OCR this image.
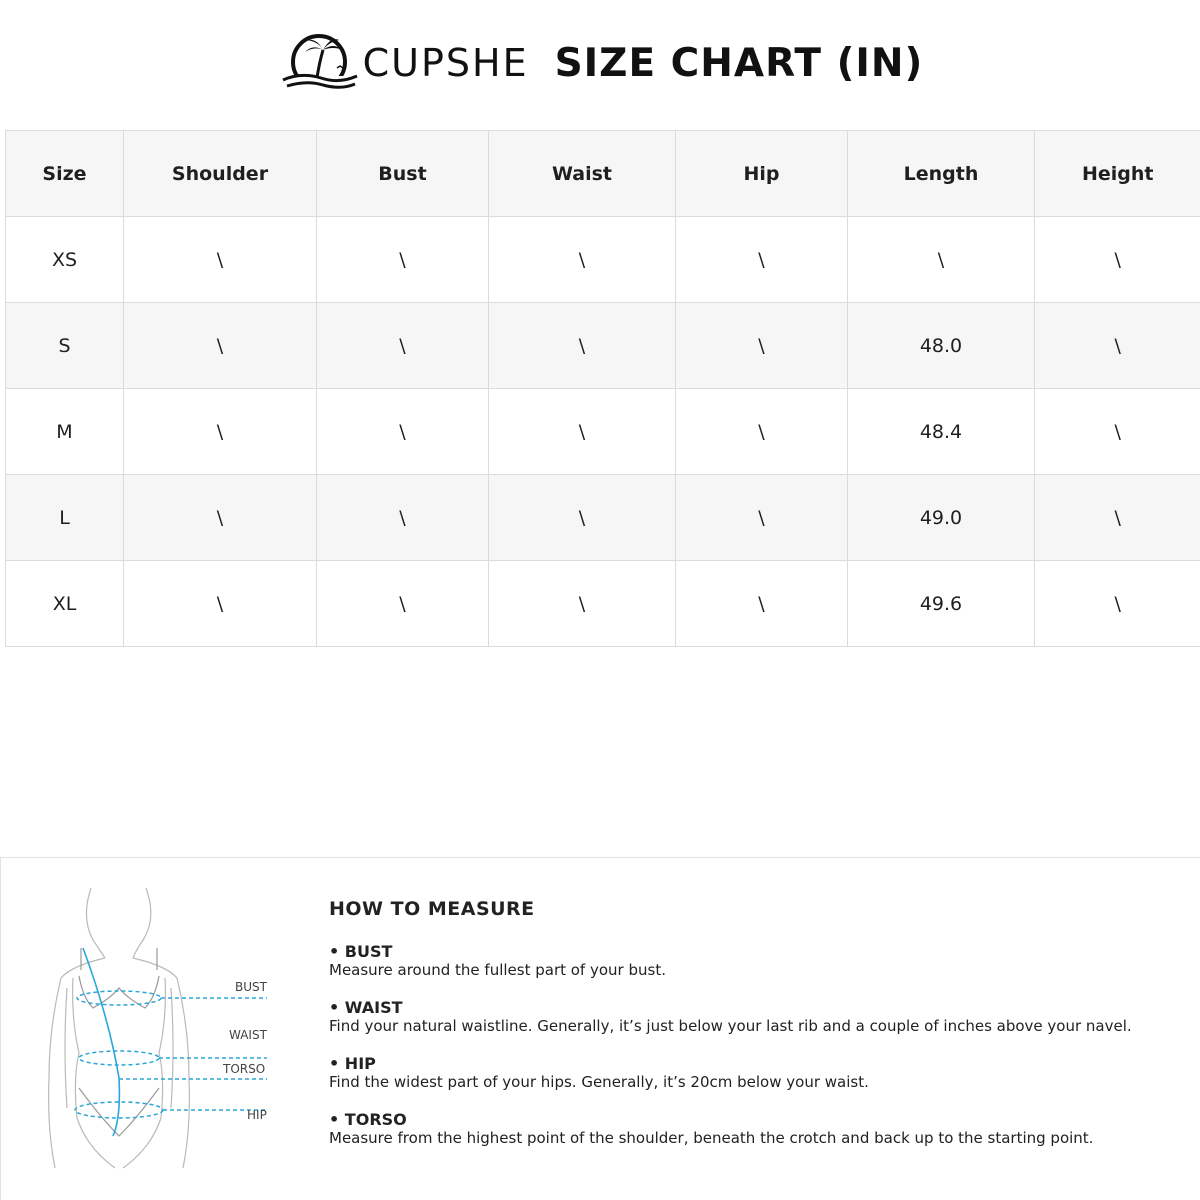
CUPSHE SIZE CHART (IN)
Size	Shoulder	Bust	Waist	Hip	Length	Height
XS	\	\	\	\	\	\
S	\	\	\	\	48.0	\
M	\	\	\	\	48.4	\
L	\	\	\	\	49.0	\
XL	\	\	\	\	49.6	\
BUST
WAIST
TORSO
HIP
HOW TO MEASURE
• BUST
Measure around the fullest part of your bust.
• WAIST
Find your natural waistline. Generally, it’s just below your last rib and a couple of inches above your navel.
• HIP
Find the widest part of your hips. Generally, it’s 20cm below your waist.
• TORSO
Measure from the highest point of the shoulder, beneath the crotch and back up to the starting point.
